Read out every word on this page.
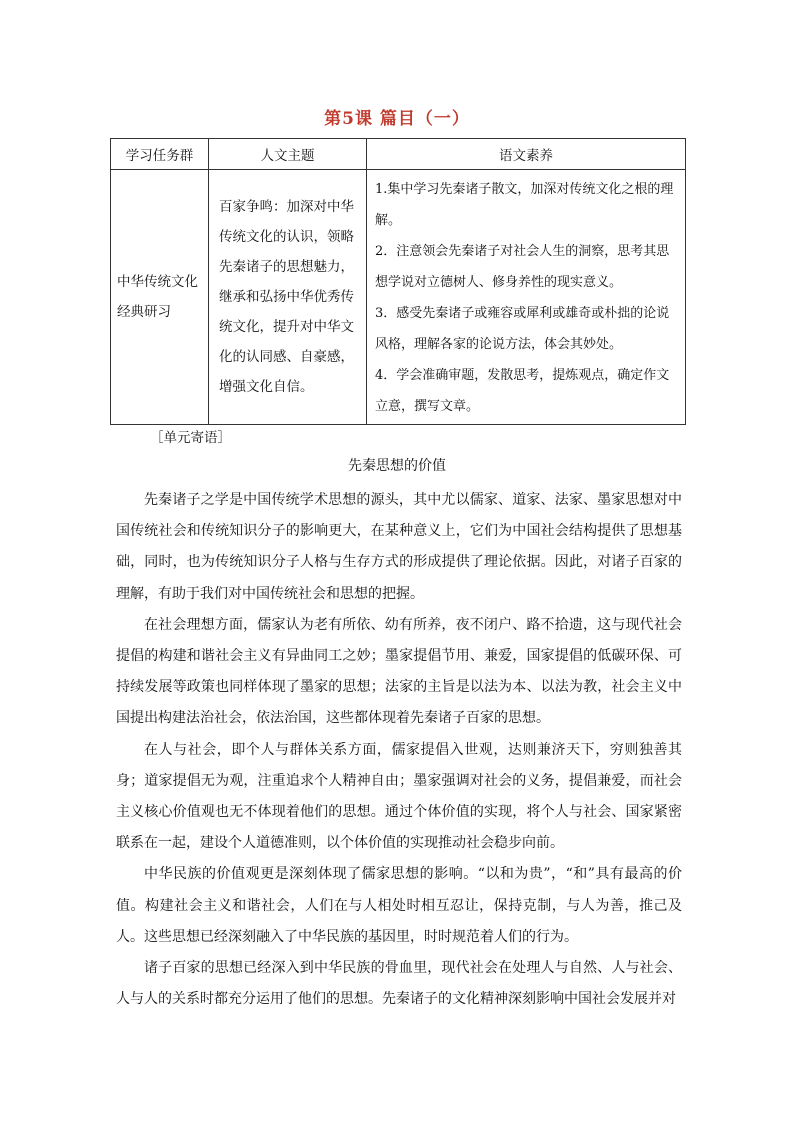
第5课 篇目（一）
学习任务群	人文主题	语文素养
中华传统文化经典研习	百家争鸣：加深对中华传统文化的认识，领略先秦诸子的思想魅力，继承和弘扬中华优秀传统文化，提升对中华文化的认同感、自豪感，增强文化自信。	1.集中学习先秦诸子散文，加深对传统文化之根的理解。

2．注意领会先秦诸子对社会人生的洞察，思考其思想学说对立德树人、修身养性的现实意义。

3．感受先秦诸子或雍容或犀利或雄奇或朴拙的论说风格，理解各家的论说方法，体会其妙处。

4．学会准确审题，发散思考，提炼观点，确定作文立意，撰写文章。

［单元寄语］
先秦思想的价值

先秦诸子之学是中国传统学术思想的源头，其中尤以儒家、道家、法家、墨家思想对中国传统社会和传统知识分子的影响更大，在某种意义上，它们为中国社会结构提供了思想基础，同时，也为传统知识分子人格与生存方式的形成提供了理论依据。因此，对诸子百家的理解，有助于我们对中国传统社会和思想的把握。

在社会理想方面，儒家认为老有所依、幼有所养，夜不闭户、路不拾遗，这与现代社会提倡的构建和谐社会主义有异曲同工之妙；墨家提倡节用、兼爱，国家提倡的低碳环保、可持续发展等政策也同样体现了墨家的思想；法家的主旨是以法为本、以法为教，社会主义中国提出构建法治社会，依法治国，这些都体现着先秦诸子百家的思想。

在人与社会，即个人与群体关系方面，儒家提倡入世观，达则兼济天下，穷则独善其身；道家提倡无为观，注重追求个人精神自由；墨家强调对社会的义务，提倡兼爱，而社会主义核心价值观也无不体现着他们的思想。通过个体价值的实现，将个人与社会、国家紧密联系在一起，建设个人道德准则，以个体价值的实现推动社会稳步向前。

中华民族的价值观更是深刻体现了儒家思想的影响。“以和为贵”，“和”具有最高的价值。构建社会主义和谐社会，人们在与人相处时相互忍让，保持克制，与人为善，推己及人。这些思想已经深刻融入了中华民族的基因里，时时规范着人们的行为。

诸子百家的思想已经深入到中华民族的骨血里，现代社会在处理人与自然、人与社会、人与人的关系时都充分运用了他们的思想。先秦诸子的文化精神深刻影响中国社会发展并对
